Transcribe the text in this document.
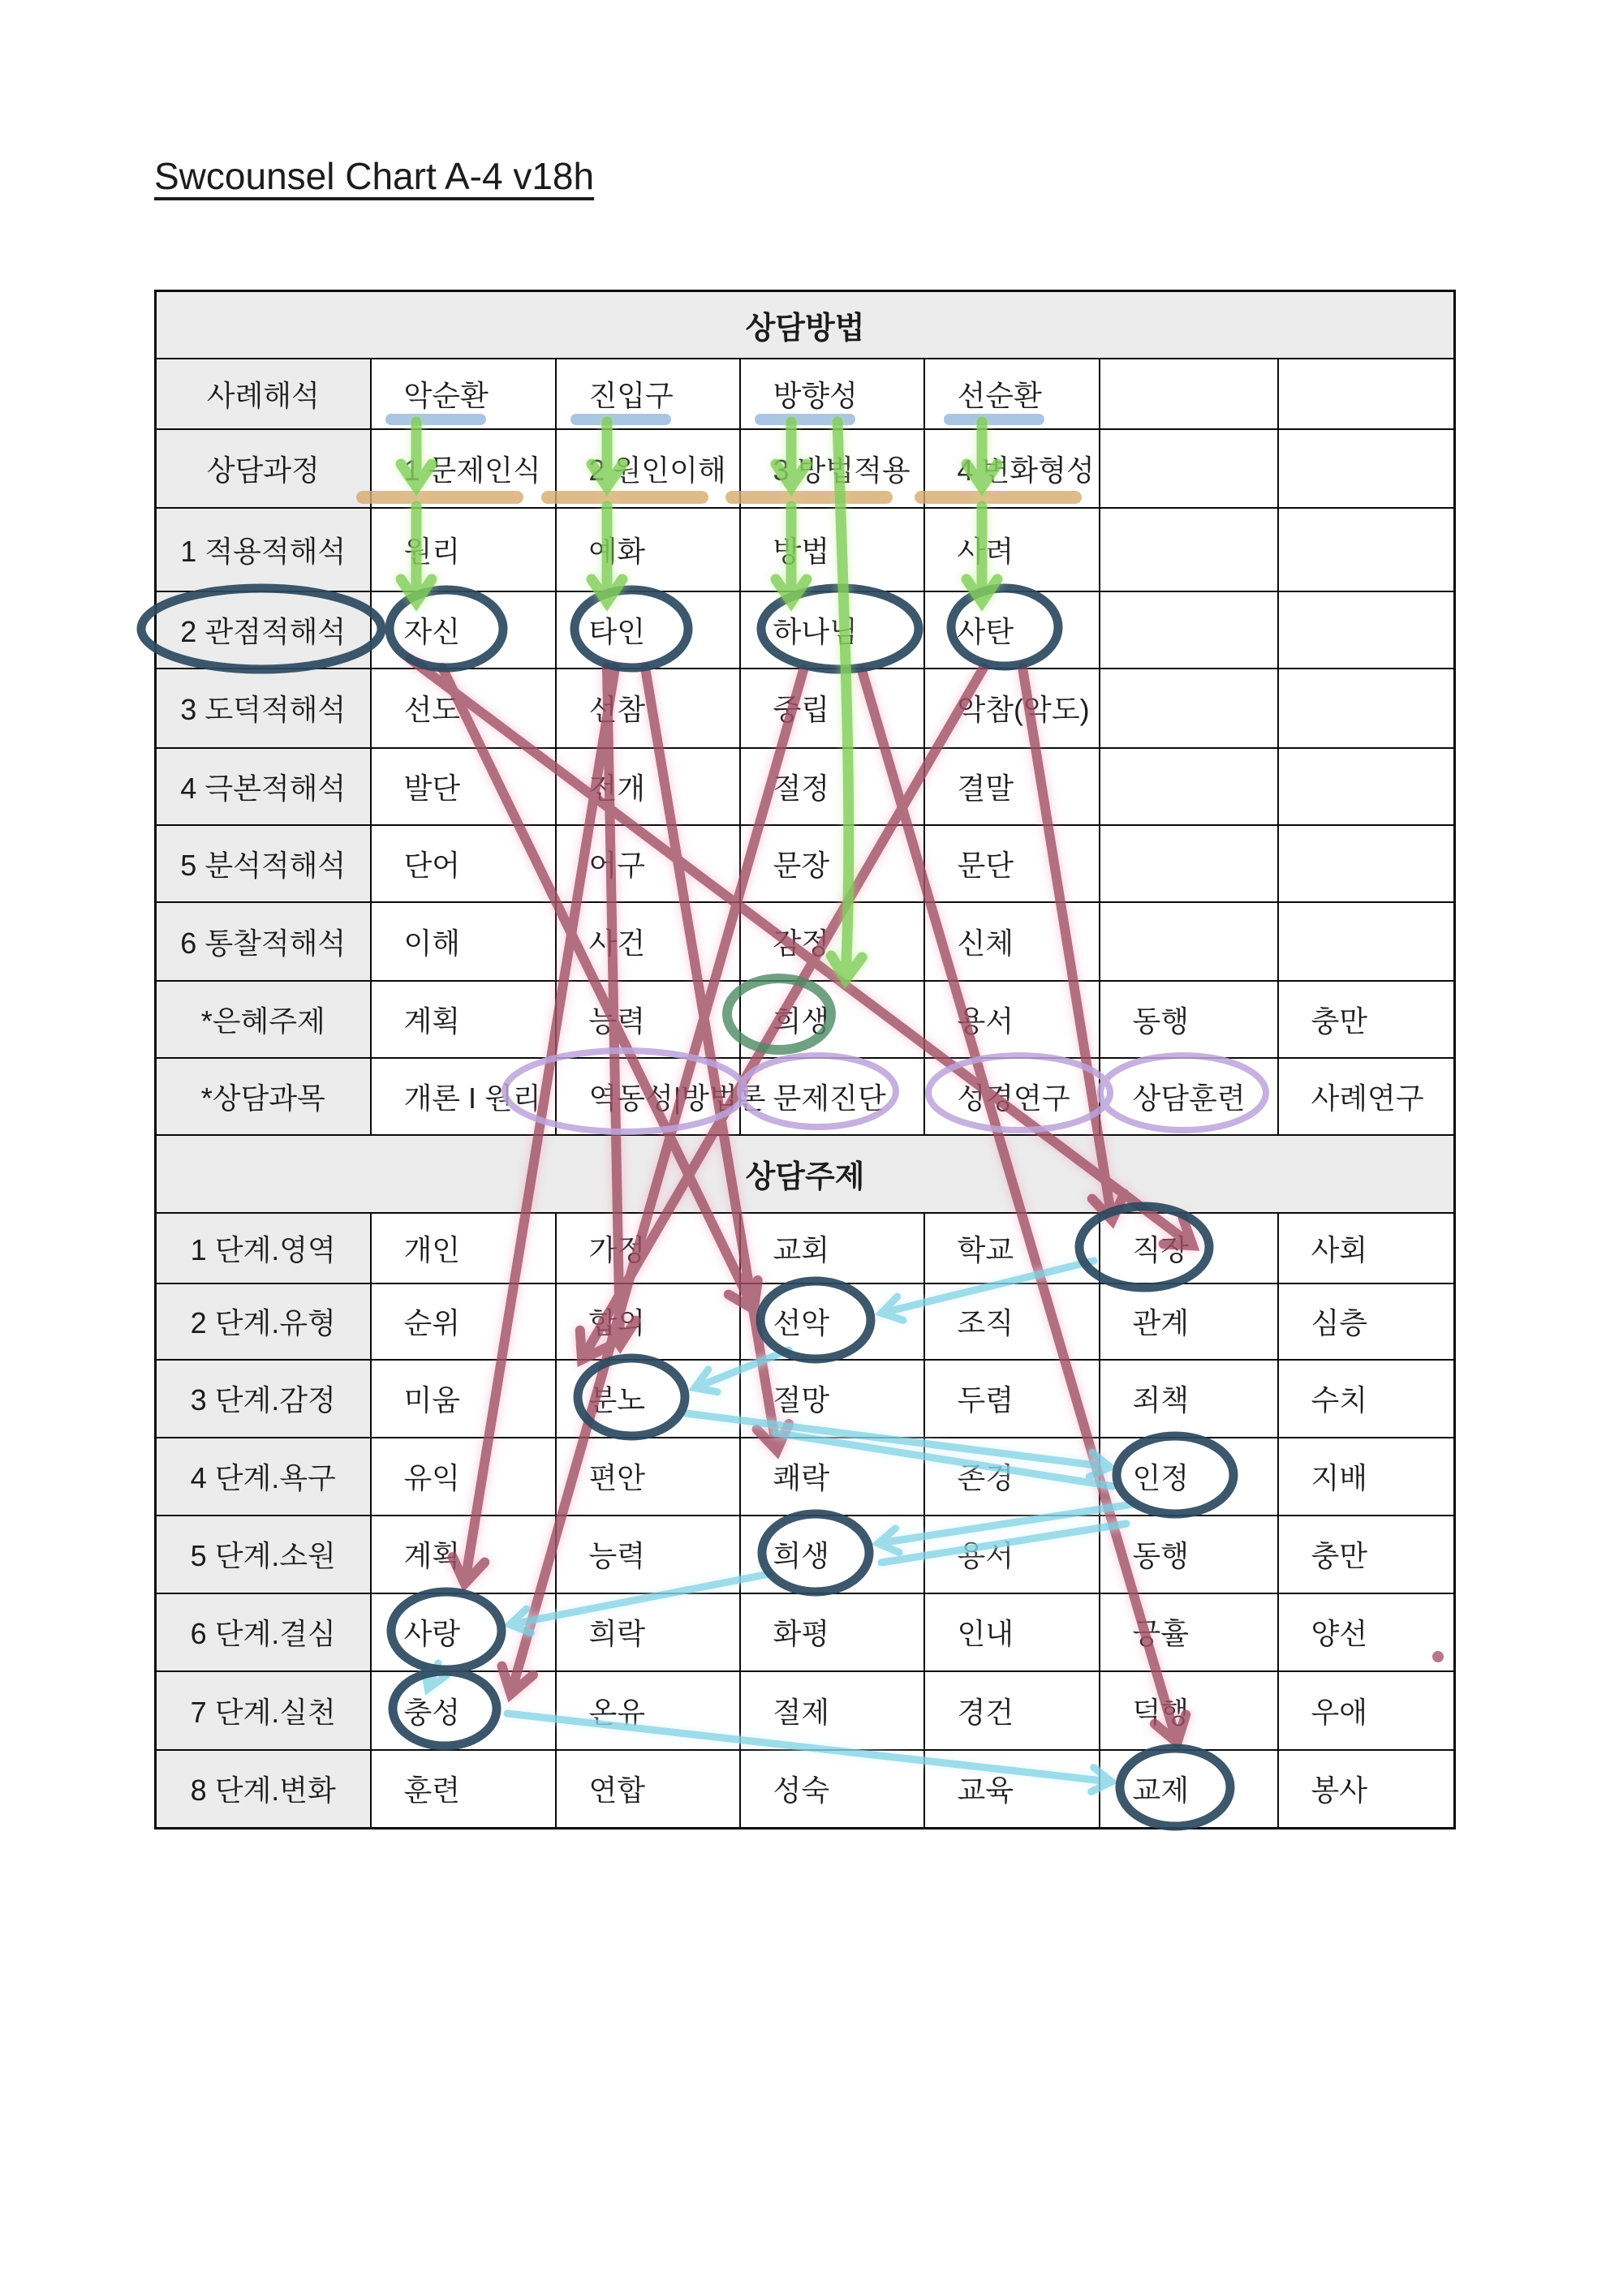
Swcounsel Chart A-4 v18h
상담방법						
사례해석	악순환	진입구	방향성	선순환		
상담과정	1 문제인식	2 원인이해	3 방법적용	4 변화형성		
1 적용적해석	원리	예화	방법	사려		
2 관점적해석	자신	타인	하나님	사탄		
3 도덕적해석	선도	선참	중립	악참(악도)		
4 극본적해석	발단	전개	절정	결말		
5 분석적해석	단어	어구	문장	문단		
6 통찰적해석	이해	사건	감정	신체		
*은혜주제	계획	능력	희생	용서	동행	충만
*상담과목	개론 I 원리	역동성|방법론	문제진단	성경연구	상담훈련	사례연구
상담주제						
1 단계.영역	개인	가정	교회	학교	직장	사회
2 단계.유형	순위	합의	선악	조직	관계	심층
3 단계.감정	미움	분노	절망	두렴	죄책	수치
4 단계.욕구	유익	편안	쾌락	존경	인정	지배
5 단계.소원	계획	능력	희생	용서	동행	충만
6 단계.결심	사랑	희락	화평	인내	긍휼	양선
7 단계.실천	충성	온유	절제	경건	덕행	우애
8 단계.변화	훈련	연합	성숙	교육	교제	봉사
